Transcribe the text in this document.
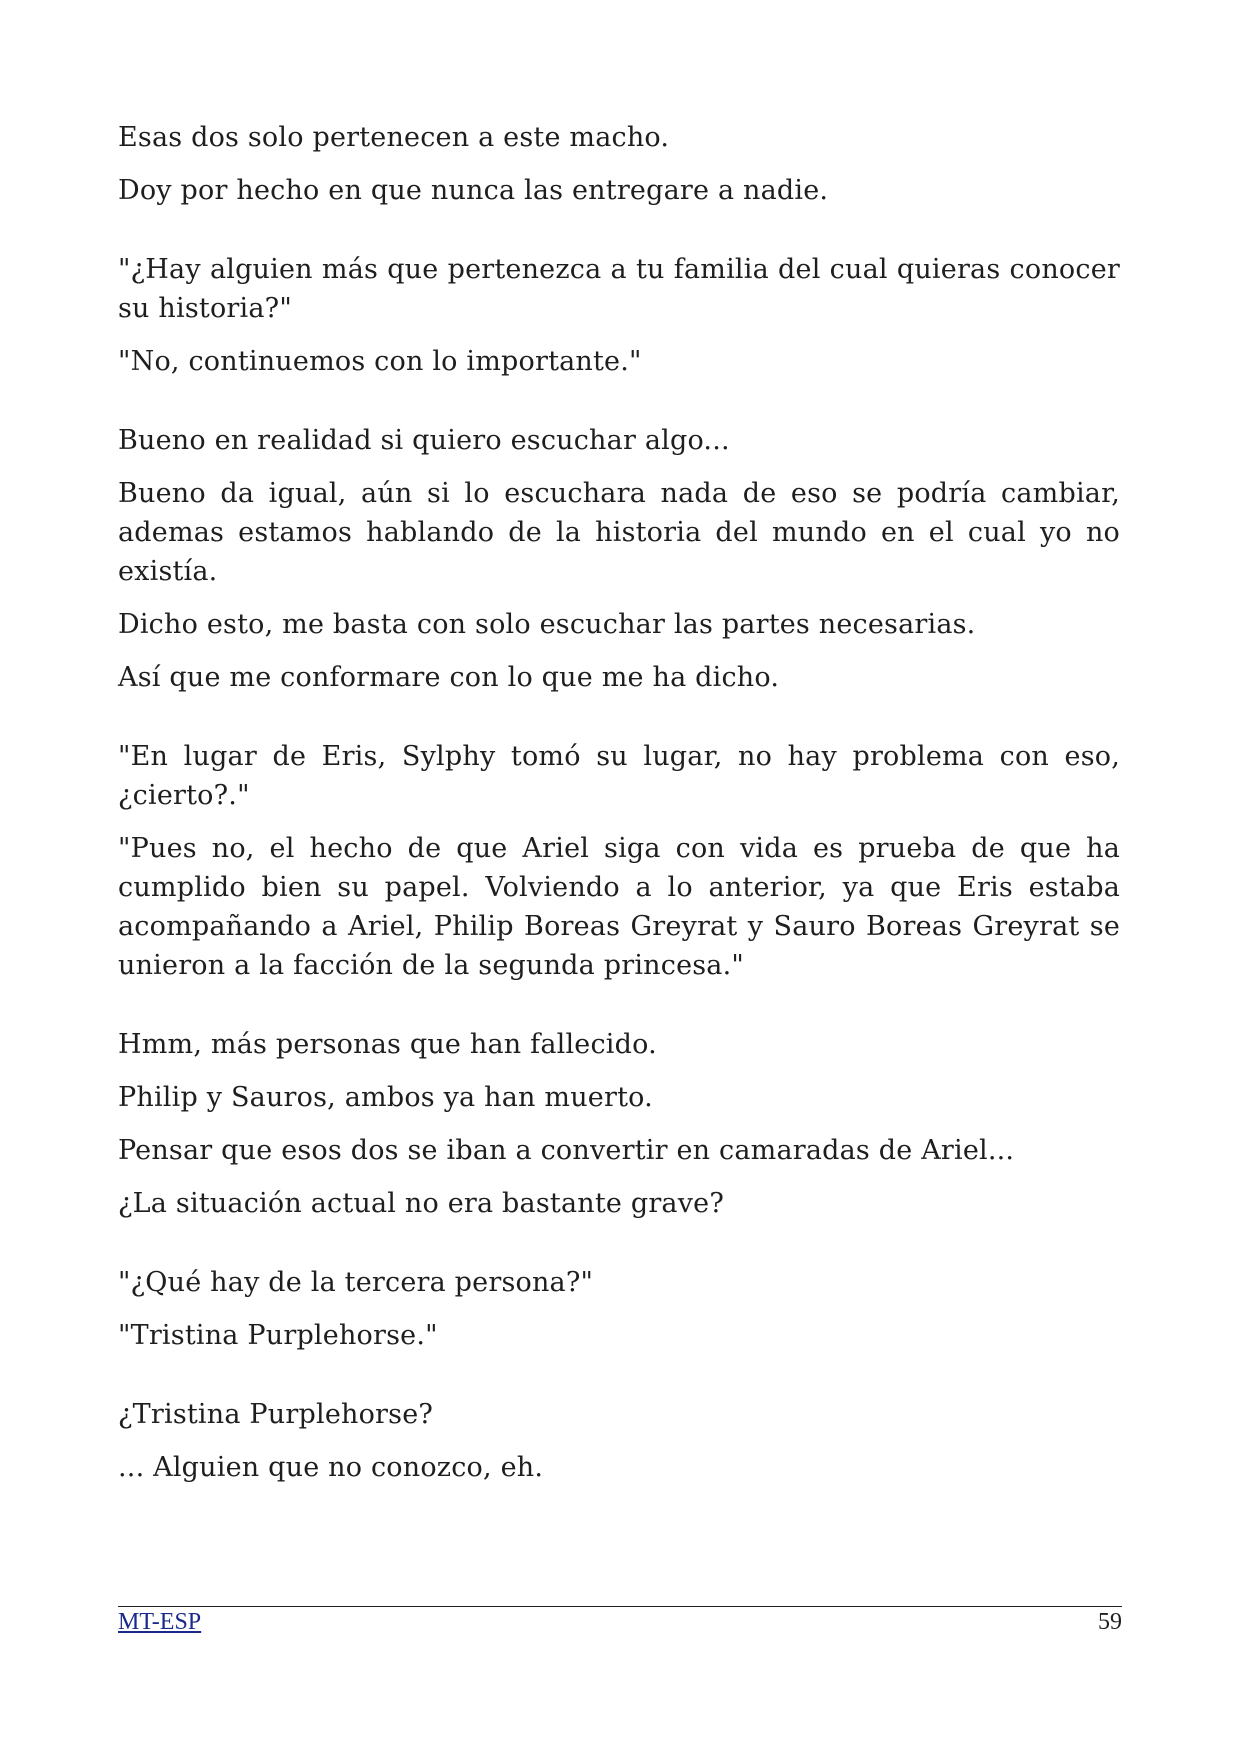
Esas dos solo pertenecen a este macho.

Doy por hecho en que nunca las entregare a nadie.

"¿Hay alguien más que pertenezca a tu familia del cual quieras conocer su historia?"

"No, continuemos con lo importante."

Bueno en realidad si quiero escuchar algo...

Bueno da igual, aún si lo escuchara nada de eso se podría cambiar, ademas estamos hablando de la historia del mundo en el cual yo no existía.

Dicho esto, me basta con solo escuchar las partes necesarias.

Así que me conformare con lo que me ha dicho.

"En lugar de Eris, Sylphy tomó su lugar, no hay problema con eso, ¿cierto?."

"Pues no, el hecho de que Ariel siga con vida es prueba de que ha cumplido bien su papel. Volviendo a lo anterior, ya que Eris estaba acompañando a Ariel, Philip Boreas Greyrat y Sauro Boreas Greyrat se unieron a la facción de la segunda princesa."

Hmm, más personas que han fallecido.

Philip y Sauros, ambos ya han muerto.

Pensar que esos dos se iban a convertir en camaradas de Ariel...

¿La situación actual no era bastante grave?

"¿Qué hay de la tercera persona?"

"Tristina Purplehorse."

¿Tristina Purplehorse?

... Alguien que no conozco, eh.

MT-ESP	59
